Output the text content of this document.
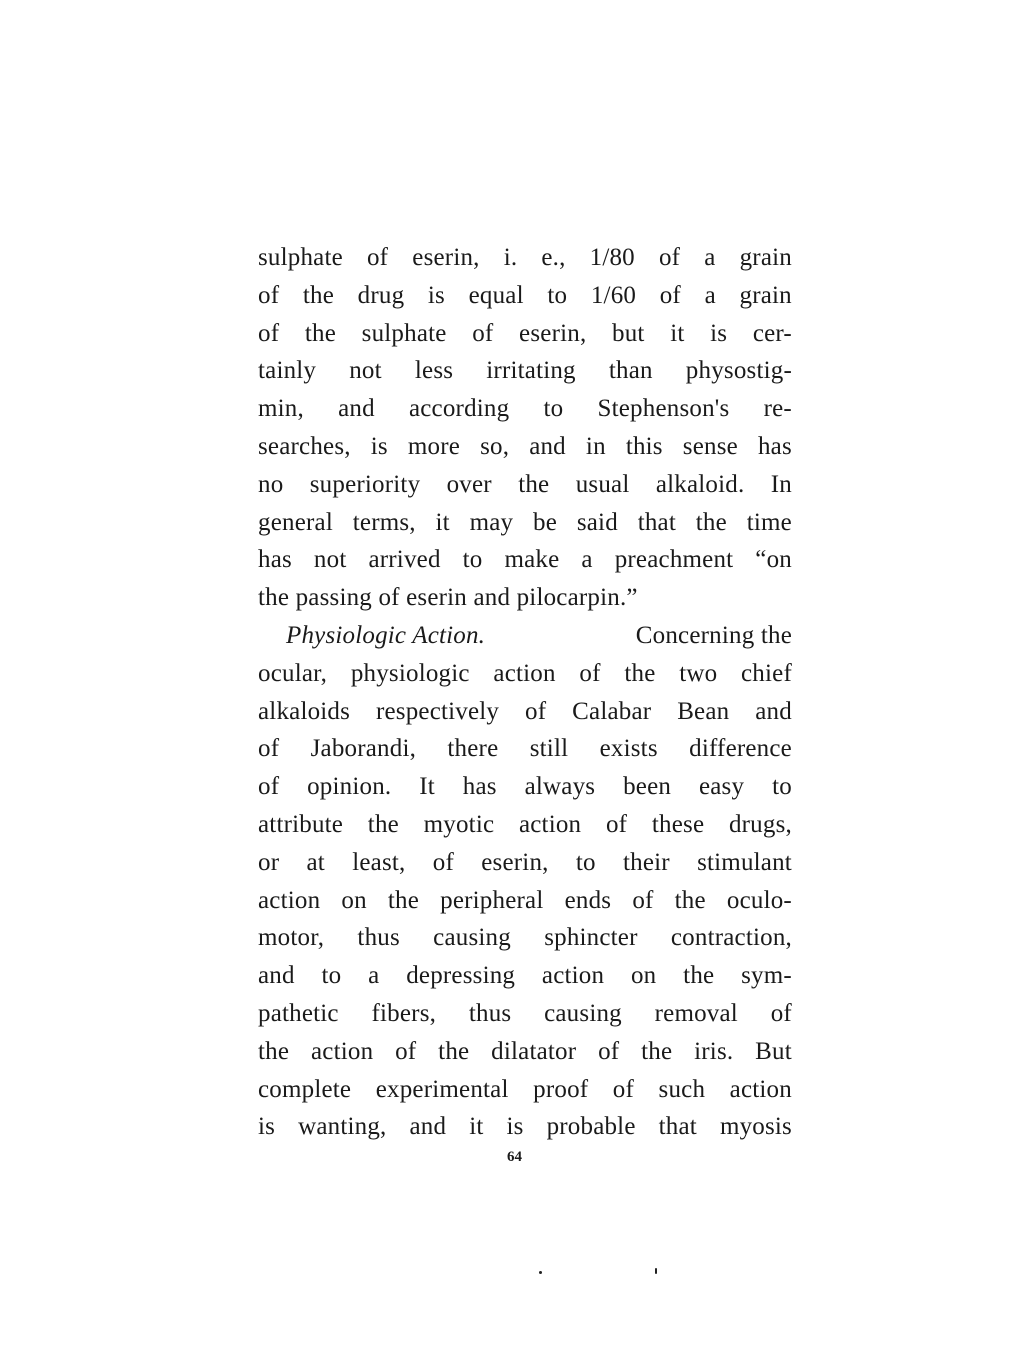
sulphate of eserin, i. e., 1/80 of a grain
of the drug is equal to 1/60 of a grain
of the sulphate of eserin, but it is cer-
tainly not less irritating than physostig-
min, and according to Stephenson's re-
searches, is more so, and in this sense has
no superiority over the usual alkaloid. In
general terms, it may be said that the time
has not arrived to make a preachment “on
the passing of eserin and pilocarpin.”
Physiologic Action.	Concerning the
ocular, physiologic action of the two chief
alkaloids respectively of Calabar Bean and
of Jaborandi, there still exists difference
of opinion. It has always been easy to
attribute the myotic action of these drugs,
or at least, of eserin, to their stimulant
action on the peripheral ends of the oculo-
motor, thus causing sphincter contraction,
and to a depressing action on the sym-
pathetic fibers, thus causing removal of
the action of the dilatator of the iris. But
complete experimental proof of such action
is wanting, and it is probable that myosis
64
